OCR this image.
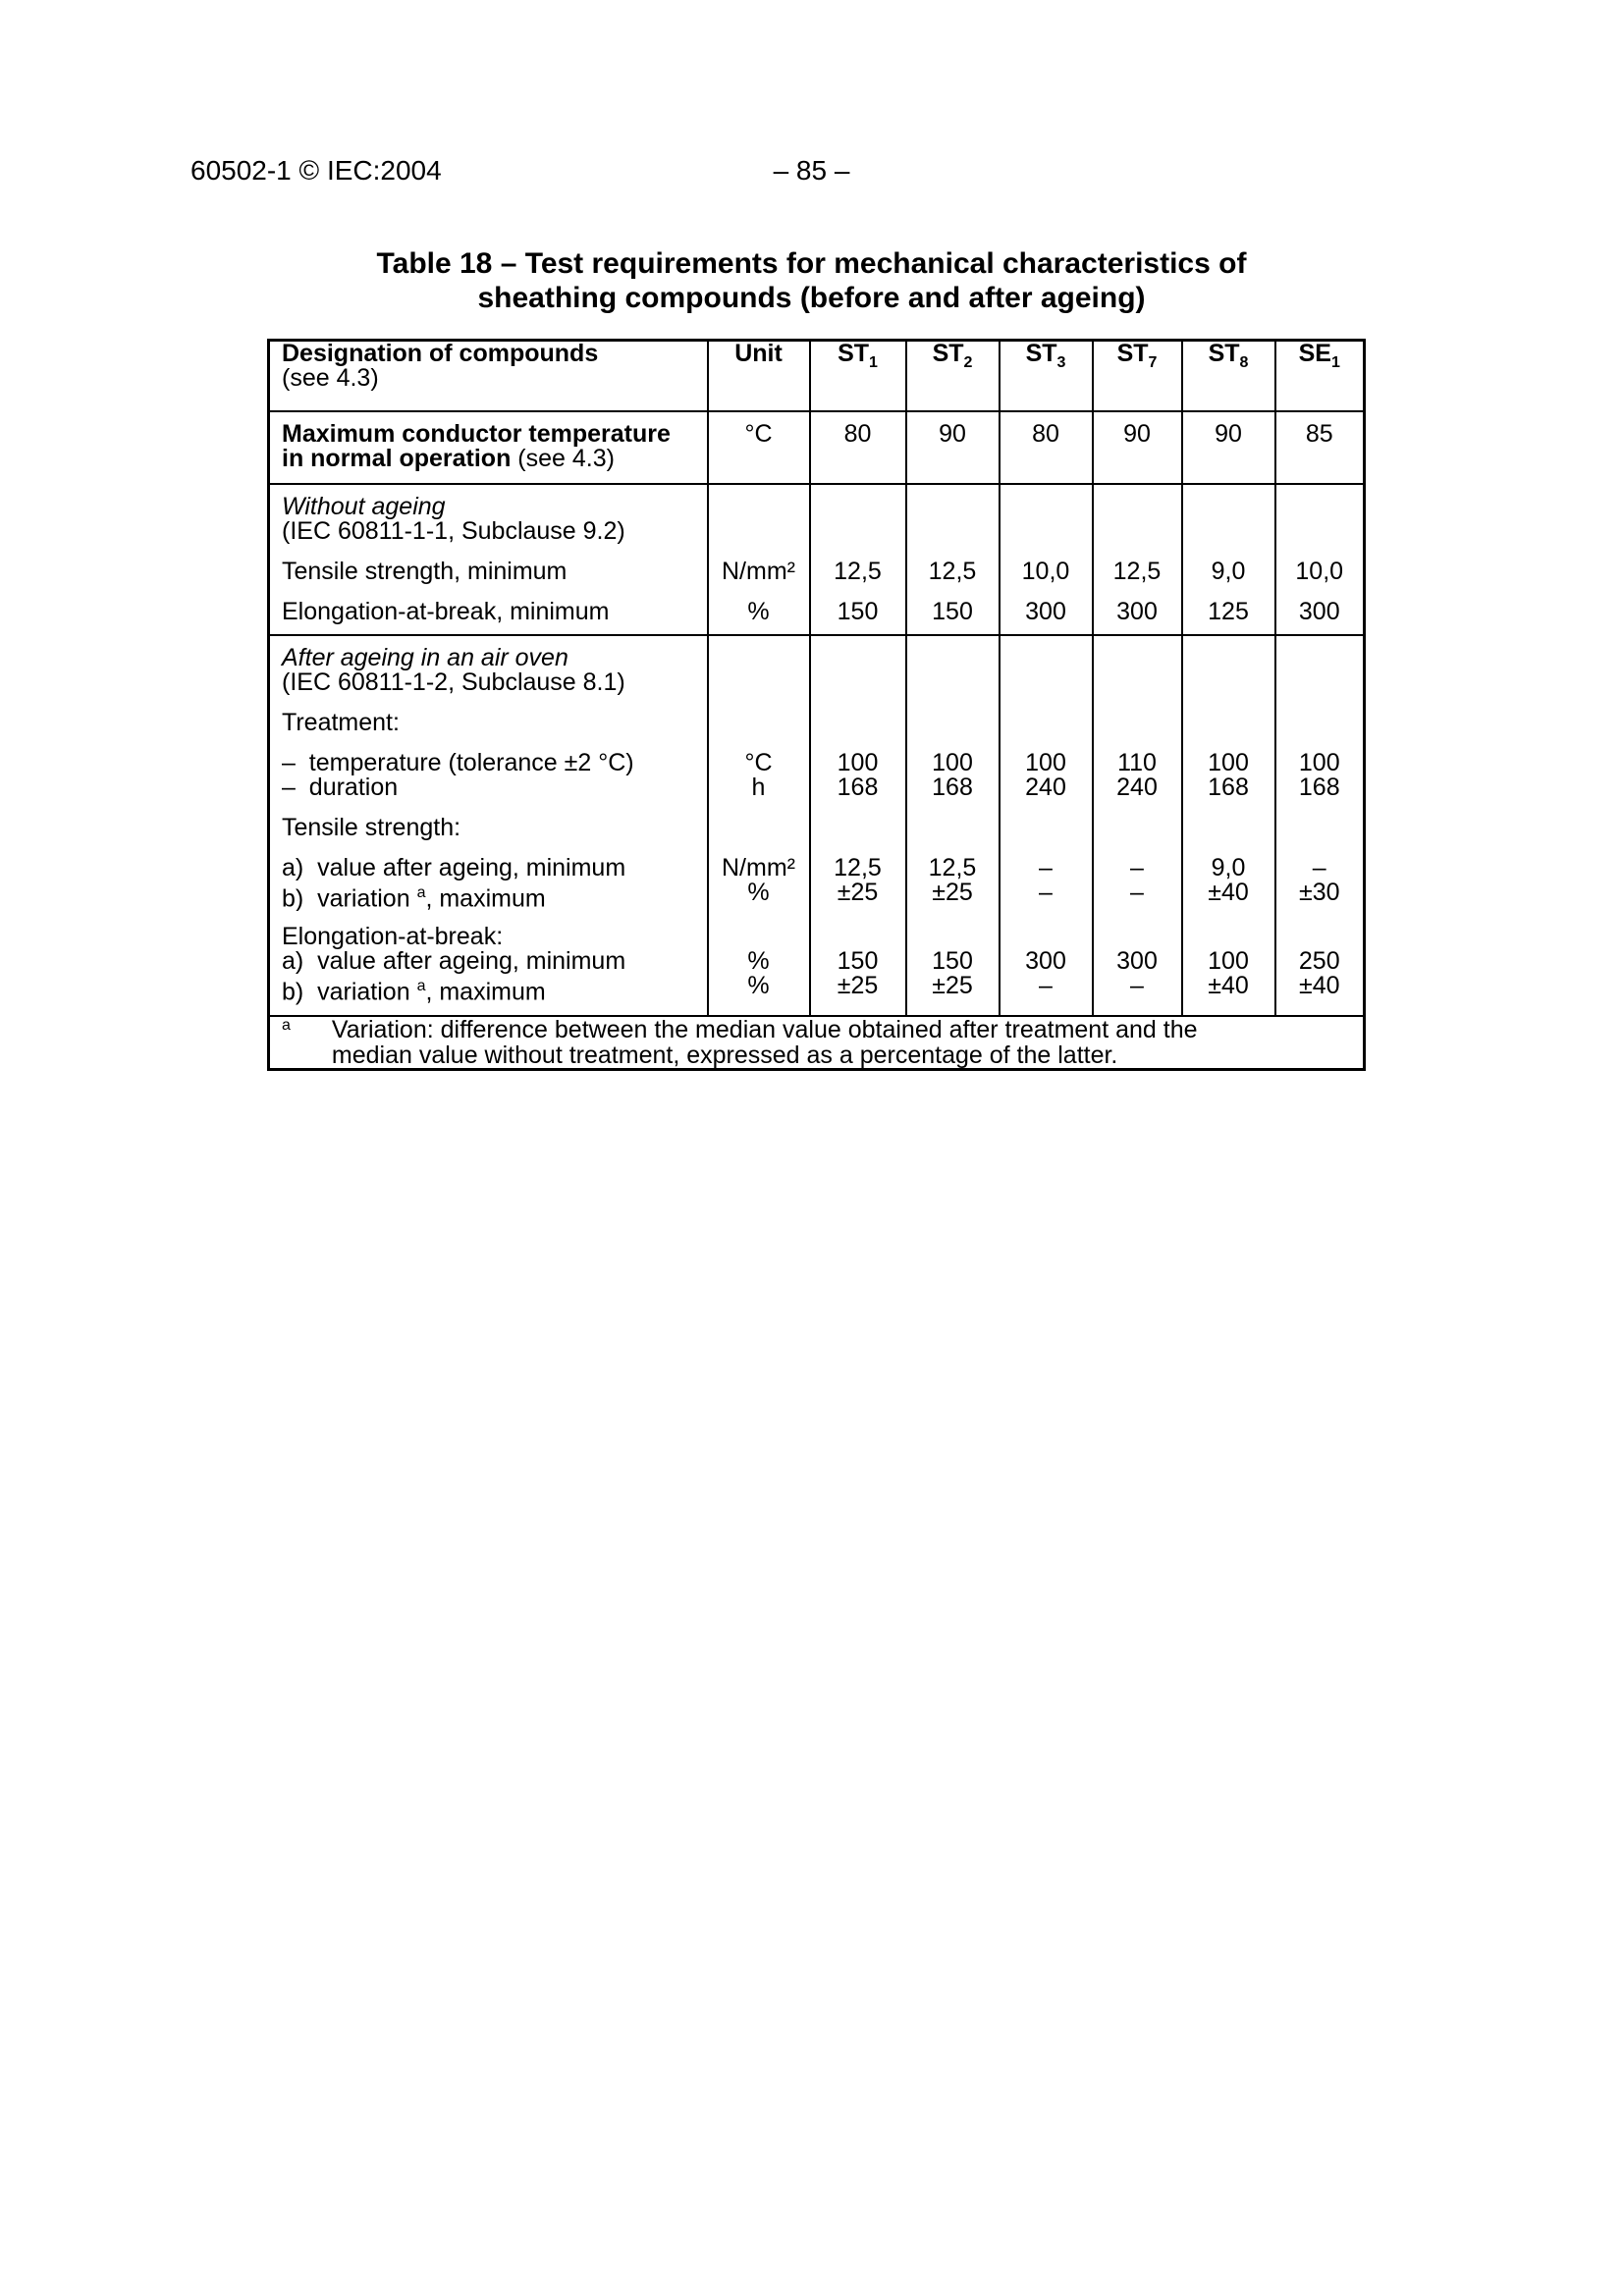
60502-1 © IEC:2004	– 85 –
Table 18 – Test requirements for mechanical characteristics of
sheathing compounds (before and after ageing)
Designation of compounds
(see 4.3)	Unit	$ST_1$	$ST_2$	$ST_3$	$ST_7$	$ST_8$	$SE_1$

Maximum conductor temperature
in normal operation (see 4.3)	°C	80	90	80	90	90	85
Without ageing							
(IEC 60811-1-1, Subclause 9.2)							

Tensile strength, minimum	N/mm²	12,5	12,5	10,0	12,5	9,0	10,0

Elongation-at-break, minimum	%	150	150	300	300	125	300

After ageing in an air oven							
(IEC 60811-1-2, Subclause 8.1)							

Treatment:							

–  temperature (tolerance ±2 °C)	°C	100	100	100	110	100	100
–  duration	h	168	168	240	240	168	168

Tensile strength:							

a)  value after ageing, minimum	N/mm²	12,5	12,5	–	–	9,0	–
b)  variation $^a$, maximum	%	±25	±25	–	–	±40	±30

Elongation-at-break:							
a)  value after ageing, minimum	%	150	150	300	300	100	250
b)  variation $^a$, maximum	%	±25	±25	–	–	±40	±40

a Variation: difference between the median value obtained after treatment and the median value without treatment, expressed as a percentage of the latter.							
